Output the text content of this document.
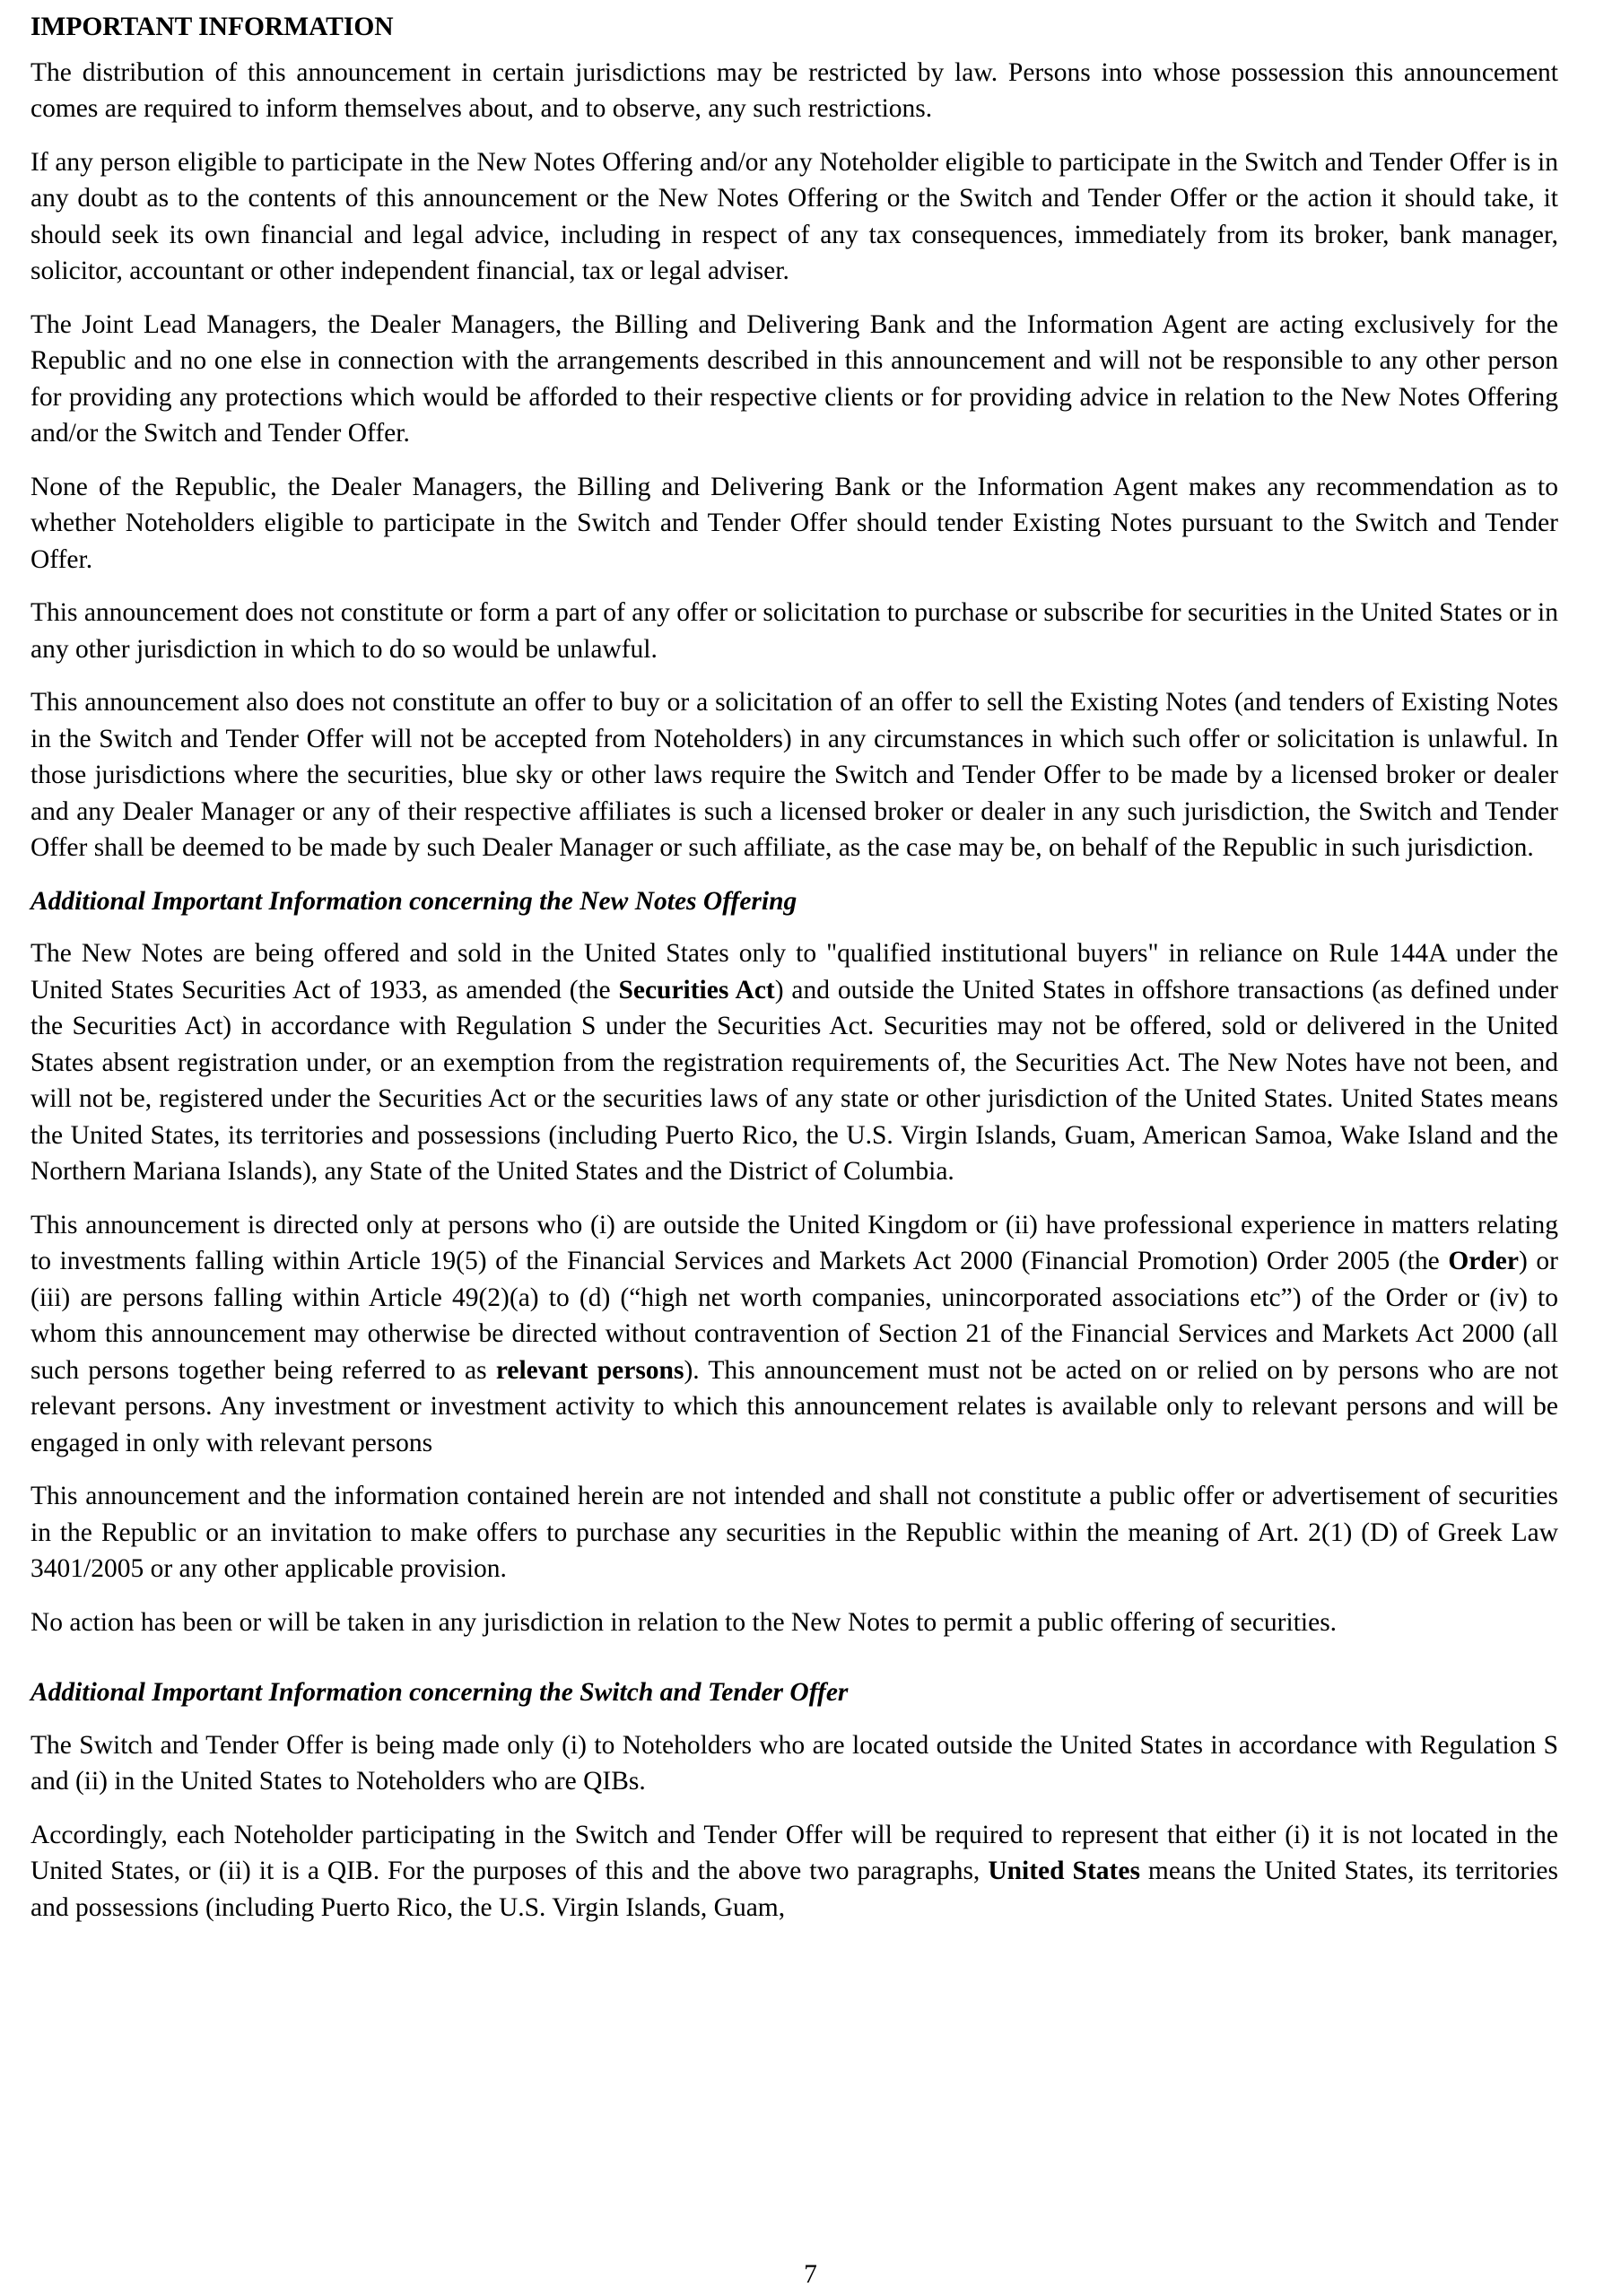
IMPORTANT INFORMATION

The distribution of this announcement in certain jurisdictions may be restricted by law. Persons into whose possession this announcement comes are required to inform themselves about, and to observe, any such restrictions.

If any person eligible to participate in the New Notes Offering and/or any Noteholder eligible to participate in the Switch and Tender Offer is in any doubt as to the contents of this announcement or the New Notes Offering or the Switch and Tender Offer or the action it should take, it should seek its own financial and legal advice, including in respect of any tax consequences, immediately from its broker, bank manager, solicitor, accountant or other independent financial, tax or legal adviser.

The Joint Lead Managers, the Dealer Managers, the Billing and Delivering Bank and the Information Agent are acting exclusively for the Republic and no one else in connection with the arrangements described in this announcement and will not be responsible to any other person for providing any protections which would be afforded to their respective clients or for providing advice in relation to the New Notes Offering and/or the Switch and Tender Offer.

None of the Republic, the Dealer Managers, the Billing and Delivering Bank or the Information Agent makes any recommendation as to whether Noteholders eligible to participate in the Switch and Tender Offer should tender Existing Notes pursuant to the Switch and Tender Offer.

This announcement does not constitute or form a part of any offer or solicitation to purchase or subscribe for securities in the United States or in any other jurisdiction in which to do so would be unlawful.

This announcement also does not constitute an offer to buy or a solicitation of an offer to sell the Existing Notes (and tenders of Existing Notes in the Switch and Tender Offer will not be accepted from Noteholders) in any circumstances in which such offer or solicitation is unlawful. In those jurisdictions where the securities, blue sky or other laws require the Switch and Tender Offer to be made by a licensed broker or dealer and any Dealer Manager or any of their respective affiliates is such a licensed broker or dealer in any such jurisdiction, the Switch and Tender Offer shall be deemed to be made by such Dealer Manager or such affiliate, as the case may be, on behalf of the Republic in such jurisdiction.

Additional Important Information concerning the New Notes Offering

The New Notes are being offered and sold in the United States only to "qualified institutional buyers" in reliance on Rule 144A under the United States Securities Act of 1933, as amended (the Securities Act) and outside the United States in offshore transactions (as defined under the Securities Act) in accordance with Regulation S under the Securities Act. Securities may not be offered, sold or delivered in the United States absent registration under, or an exemption from the registration requirements of, the Securities Act. The New Notes have not been, and will not be, registered under the Securities Act or the securities laws of any state or other jurisdiction of the United States. United States means the United States, its territories and possessions (including Puerto Rico, the U.S. Virgin Islands, Guam, American Samoa, Wake Island and the Northern Mariana Islands), any State of the United States and the District of Columbia.

This announcement is directed only at persons who (i) are outside the United Kingdom or (ii) have professional experience in matters relating to investments falling within Article 19(5) of the Financial Services and Markets Act 2000 (Financial Promotion) Order 2005 (the Order) or (iii) are persons falling within Article 49(2)(a) to (d) (“high net worth companies, unincorporated associations etc”) of the Order or (iv) to whom this announcement may otherwise be directed without contravention of Section 21 of the Financial Services and Markets Act 2000 (all such persons together being referred to as relevant persons). This announcement must not be acted on or relied on by persons who are not relevant persons. Any investment or investment activity to which this announcement relates is available only to relevant persons and will be engaged in only with relevant persons

This announcement and the information contained herein are not intended and shall not constitute a public offer or advertisement of securities in the Republic or an invitation to make offers to purchase any securities in the Republic within the meaning of Art. 2(1) (D) of Greek Law 3401/2005 or any other applicable provision.

No action has been or will be taken in any jurisdiction in relation to the New Notes to permit a public offering of securities.

Additional Important Information concerning the Switch and Tender Offer

The Switch and Tender Offer is being made only (i) to Noteholders who are located outside the United States in accordance with Regulation S and (ii) in the United States to Noteholders who are QIBs.

Accordingly, each Noteholder participating in the Switch and Tender Offer will be required to represent that either (i) it is not located in the United States, or (ii) it is a QIB. For the purposes of this and the above two paragraphs, United States means the United States, its territories and possessions (including Puerto Rico, the U.S. Virgin Islands, Guam,

7
